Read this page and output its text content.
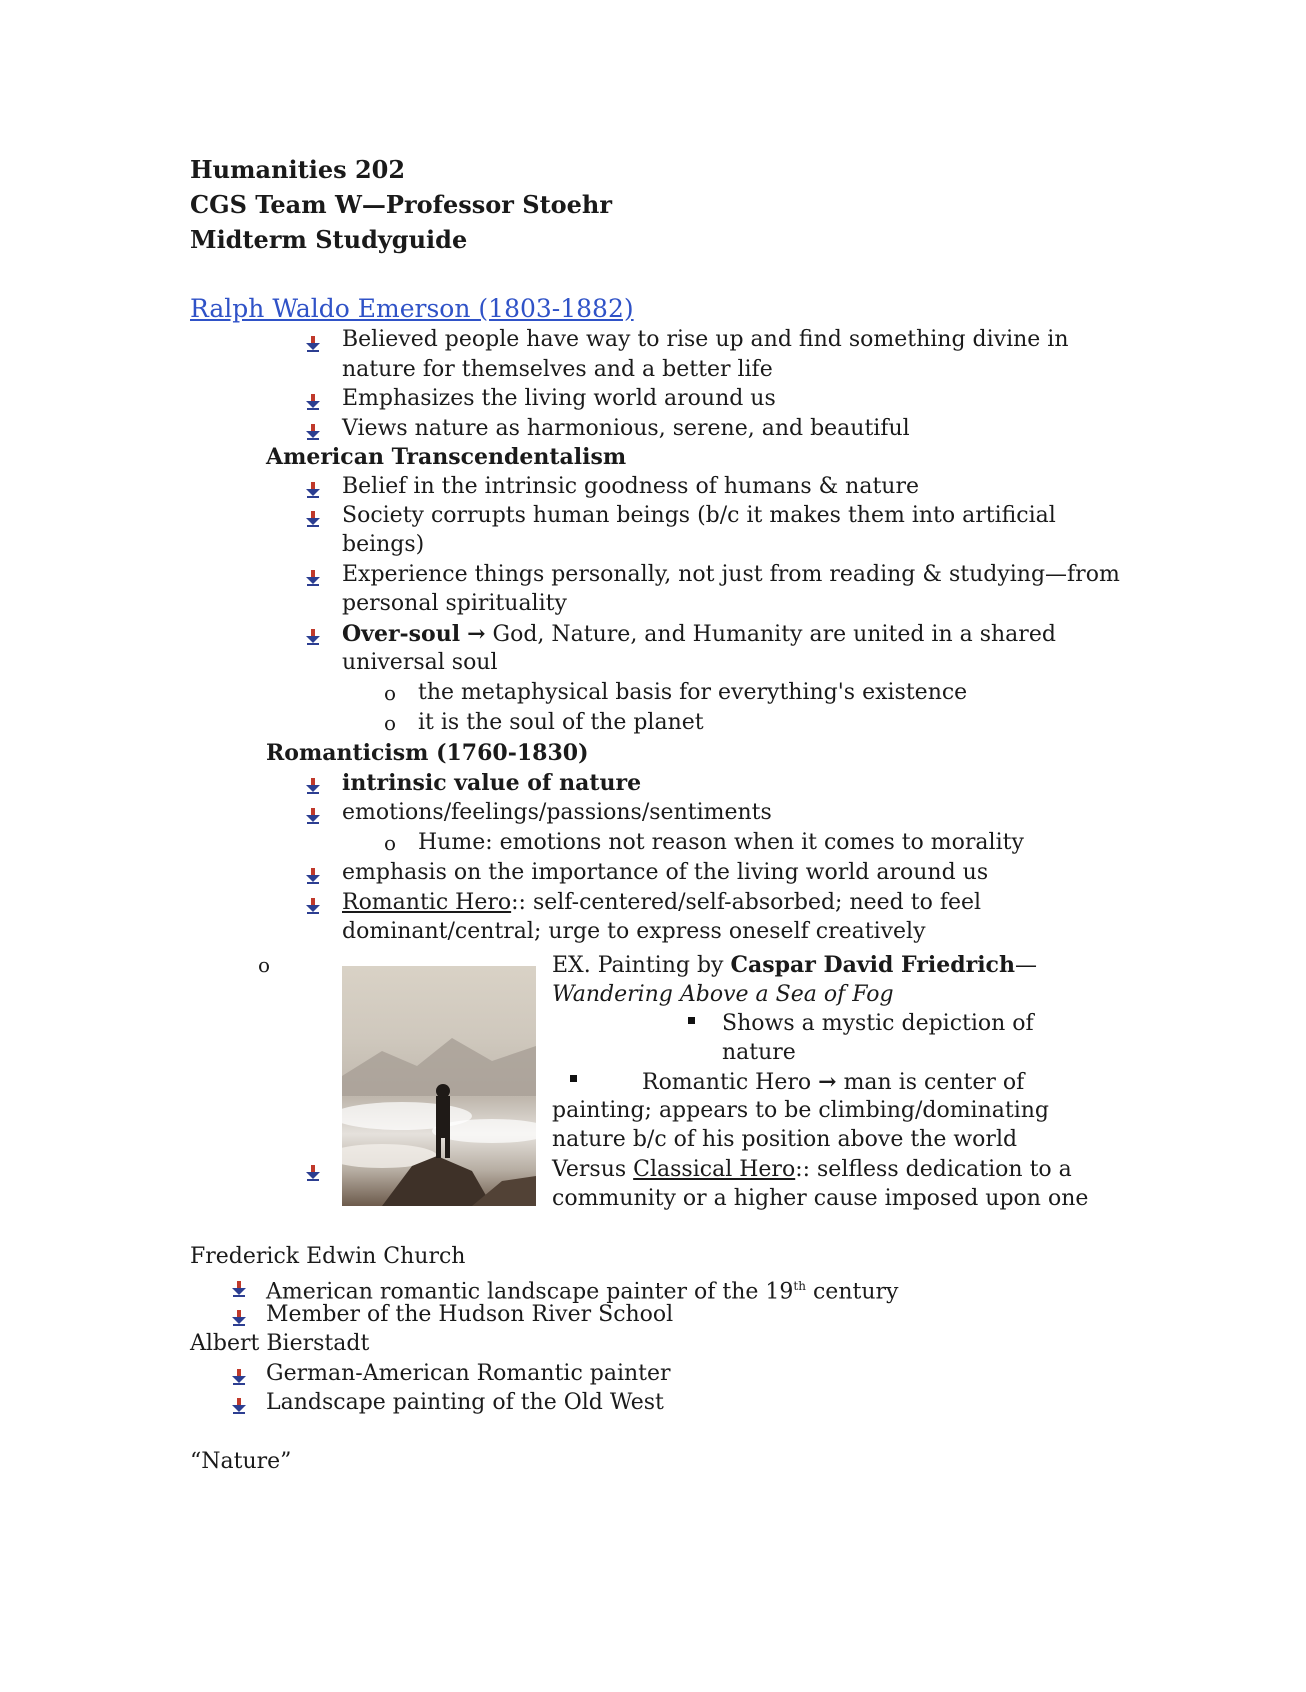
Humanities 202
CGS Team W—Professor Stoehr
Midterm Studyguide
Ralph Waldo Emerson (1803-1882)
Believed people have way to rise up and find something divine in
nature for themselves and a better life
Emphasizes the living world around us
Views nature as harmonious, serene, and beautiful
American Transcendentalism
Belief in the intrinsic goodness of humans & nature
Society corrupts human beings (b/c it makes them into artificial
beings)
Experience things personally, not just from reading & studying—from
personal spirituality
Over-soul → God, Nature, and Humanity are united in a shared
universal soul
o the metaphysical basis for everything's existence
o it is the soul of the planet
Romanticism (1760-1830)
intrinsic value of nature
emotions/feelings/passions/sentiments
o Hume: emotions not reason when it comes to morality
emphasis on the importance of the living world around us
Romantic Hero:: self-centered/self-absorbed; need to feel
dominant/central; urge to express oneself creatively
o	EX. Painting by Caspar David Friedrich—
Wandering Above a Sea of Fog
Shows a mystic depiction of
nature
Romantic Hero → man is center of
painting; appears to be climbing/dominating
nature b/c of his position above the world
Versus Classical Hero:: selfless dedication to a
community or a higher cause imposed upon one
Frederick Edwin Church
American romantic landscape painter of the 19th century
Member of the Hudson River School
Albert Bierstadt
German-American Romantic painter
Landscape painting of the Old West
“Nature”
